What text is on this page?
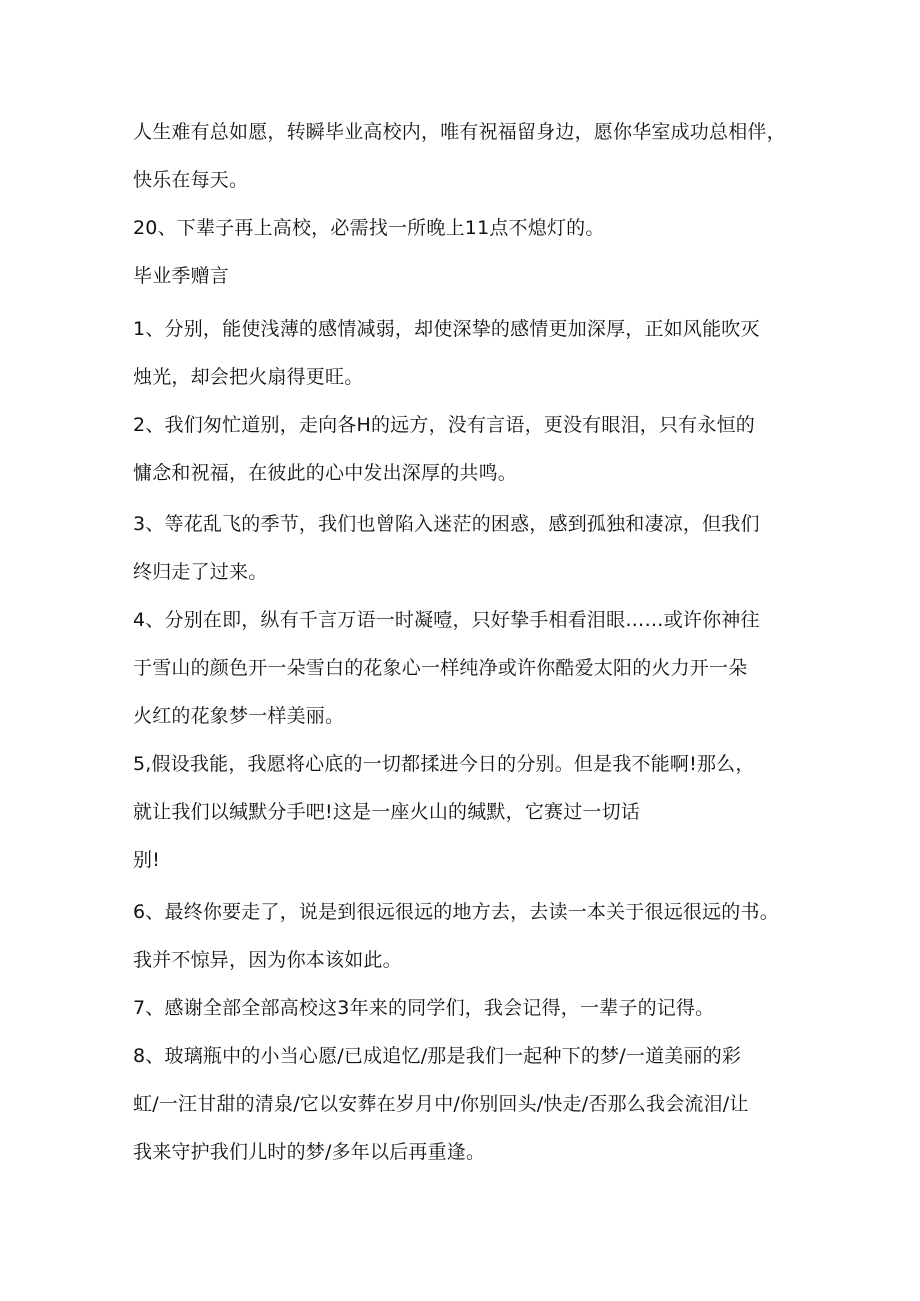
人生难有总如愿，转瞬毕业高校内，唯有祝福留身边，愿你华室成功总相伴，
快乐在每天。
20、下辈子再上高校，必需找一所晚上11点不熄灯的。
毕业季赠言
1、分别，能使浅薄的感情减弱，却使深挚的感情更加深厚，正如风能吹灭
烛光，却会把火扇得更旺。
2、我们匆忙道别，走向各H的远方，没有言语，更没有眼泪，只有永恒的
慵念和祝福，在彼此的心中发出深厚的共鸣。
3、等花乱飞的季节，我们也曾陷入迷茫的困惑，感到孤独和凄凉，但我们
终归走了过来。
4、分别在即，纵有千言万语一时凝噎，只好挚手相看泪眼……或许你神往
于雪山的颜色开一朵雪白的花象心一样纯净或许你酷爱太阳的火力开一朵
火红的花象梦一样美丽。
5,假设我能，我愿将心底的一切都揉进今日的分别。但是我不能啊!那么，
就让我们以缄默分手吧!这是一座火山的缄默，它赛过一切话
别!
6、最终你要走了，说是到很远很远的地方去，去读一本关于很远很远的书。
我并不惊异，因为你本该如此。
7、感谢全部全部高校这3年来的同学们，我会记得，一辈子的记得。
8、玻璃瓶中的小当心愿/已成追忆/那是我们一起种下的梦/一道美丽的彩
虹/一汪甘甜的清泉/它以安葬在岁月中/你别回头/快走/否那么我会流泪/让
我来守护我们儿时的梦/多年以后再重逢。
